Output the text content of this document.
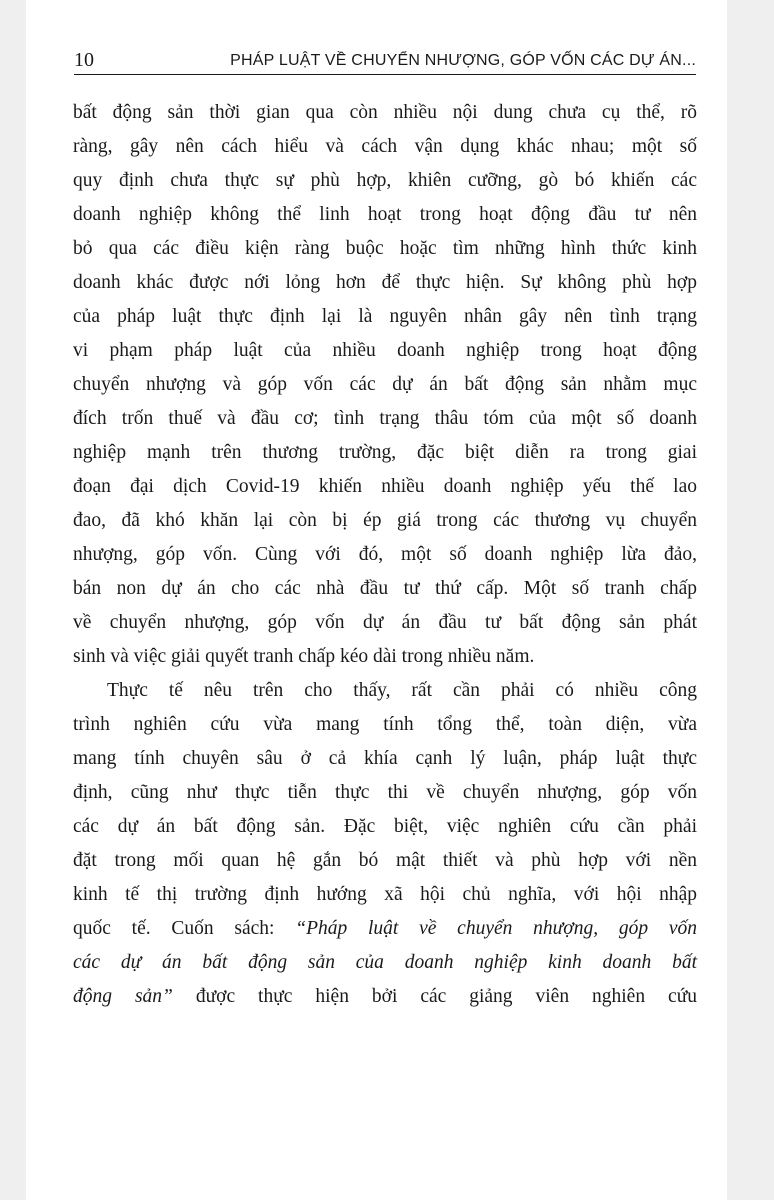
10	PHÁP LUẬT VỀ CHUYỂN NHƯỢNG, GÓP VỐN CÁC DỰ ÁN...
bất động sản thời gian qua còn nhiều nội dung chưa cụ thể, rõ
ràng, gây nên cách hiểu và cách vận dụng khác nhau; một số
quy định chưa thực sự phù hợp, khiên cưỡng, gò bó khiến các
doanh nghiệp không thể linh hoạt trong hoạt động đầu tư nên
bỏ qua các điều kiện ràng buộc hoặc tìm những hình thức kinh
doanh khác được nới lỏng hơn để thực hiện. Sự không phù hợp
của pháp luật thực định lại là nguyên nhân gây nên tình trạng
vi phạm pháp luật của nhiều doanh nghiệp trong hoạt động
chuyển nhượng và góp vốn các dự án bất động sản nhằm mục
đích trốn thuế và đầu cơ; tình trạng thâu tóm của một số doanh
nghiệp mạnh trên thương trường, đặc biệt diễn ra trong giai
đoạn đại dịch Covid-19 khiến nhiều doanh nghiệp yếu thế lao
đao, đã khó khăn lại còn bị ép giá trong các thương vụ chuyển
nhượng, góp vốn. Cùng với đó, một số doanh nghiệp lừa đảo,
bán non dự án cho các nhà đầu tư thứ cấp. Một số tranh chấp
về chuyển nhượng, góp vốn dự án đầu tư bất động sản phát
sinh và việc giải quyết tranh chấp kéo dài trong nhiều năm.
Thực tế nêu trên cho thấy, rất cần phải có nhiều công
trình nghiên cứu vừa mang tính tổng thể, toàn diện, vừa
mang tính chuyên sâu ở cả khía cạnh lý luận, pháp luật thực
định, cũng như thực tiễn thực thi về chuyển nhượng, góp vốn
các dự án bất động sản. Đặc biệt, việc nghiên cứu cần phải
đặt trong mối quan hệ gắn bó mật thiết và phù hợp với nền
kinh tế thị trường định hướng xã hội chủ nghĩa, với hội nhập
quốc tế. Cuốn sách: “Pháp luật về chuyển nhượng, góp vốn
các dự án bất động sản của doanh nghiệp kinh doanh bất
động sản” được thực hiện bởi các giảng viên nghiên cứu
